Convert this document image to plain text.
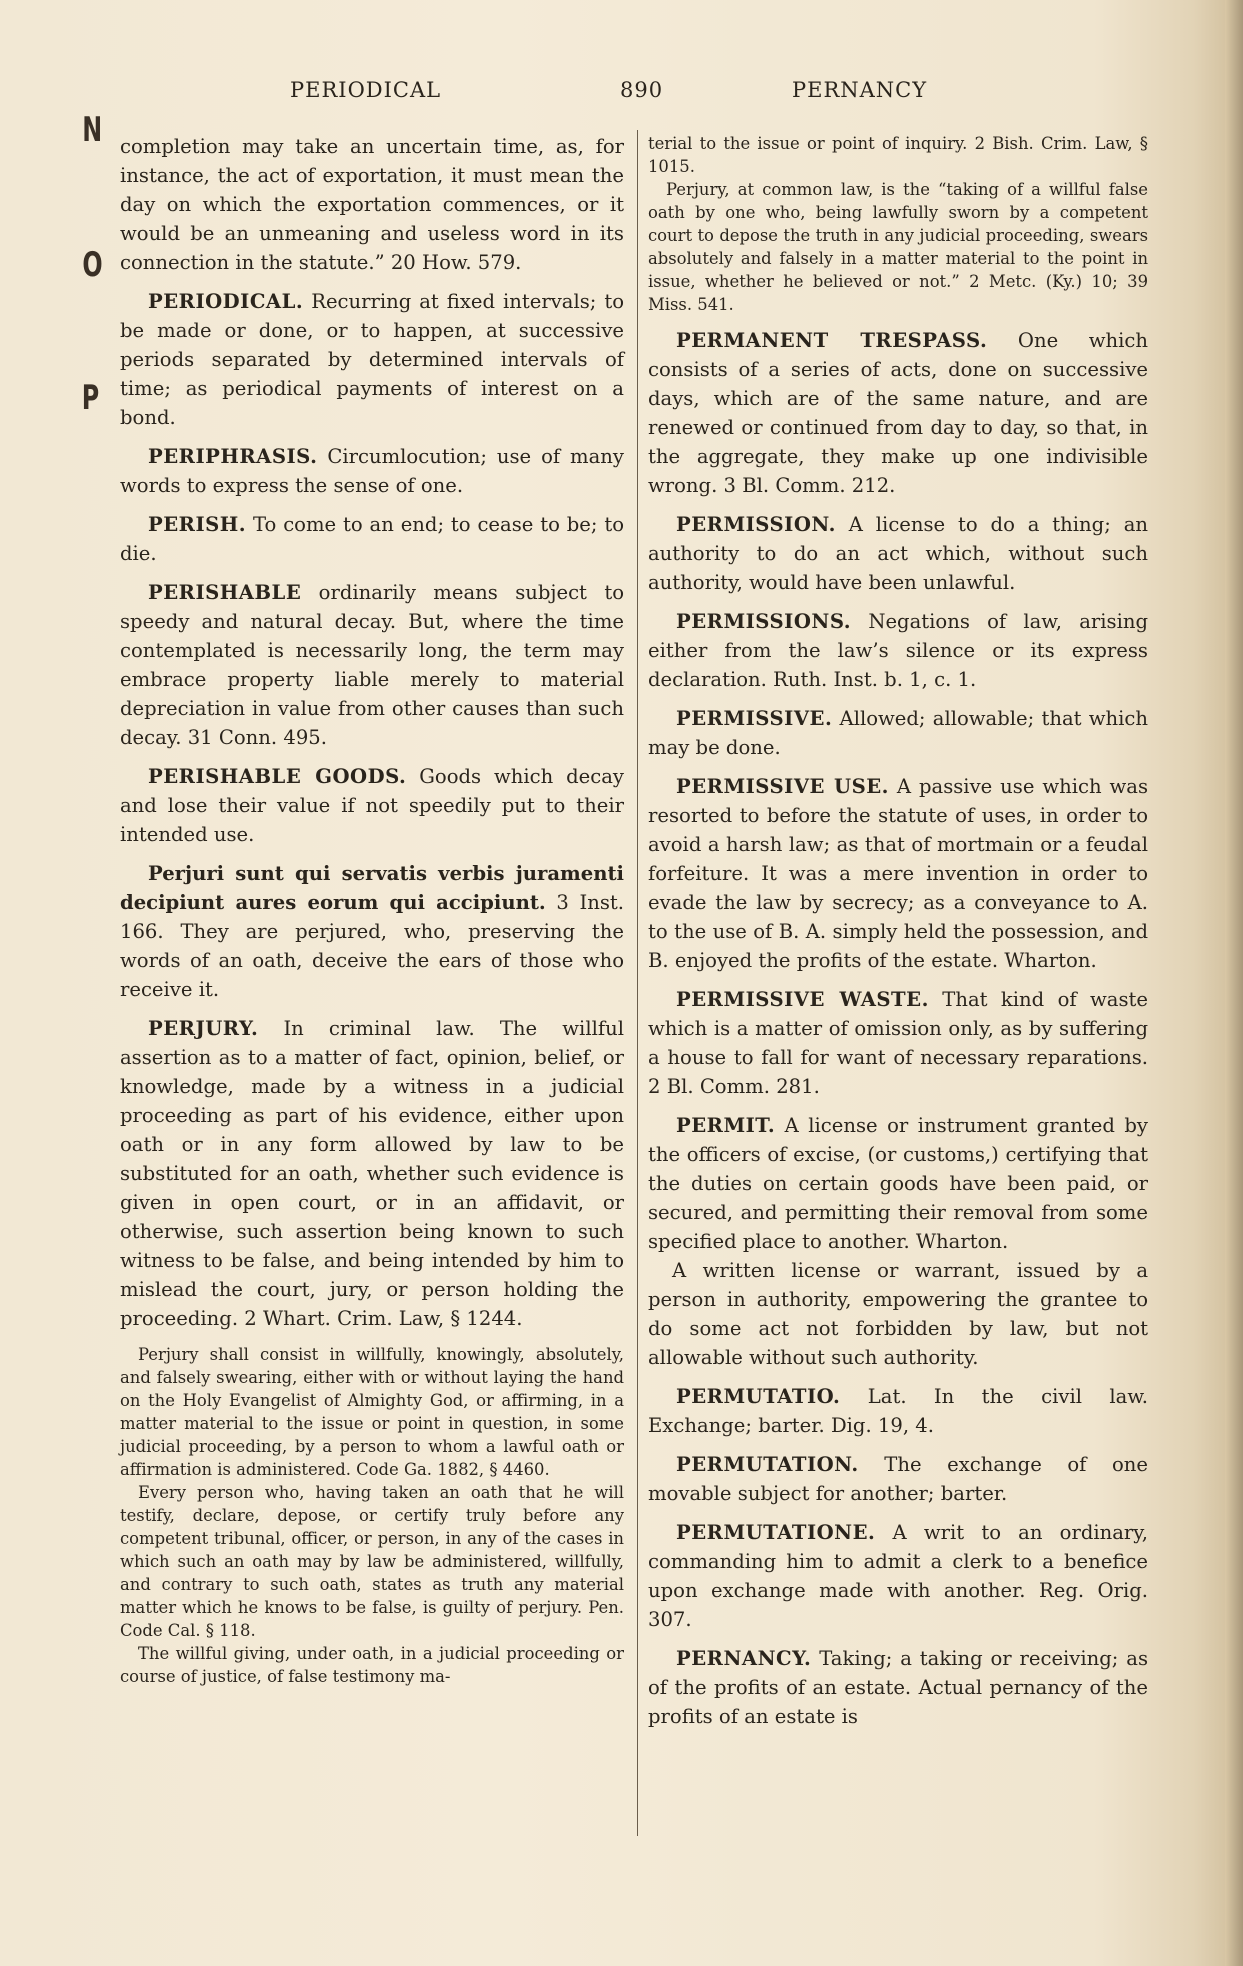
PERIODICAL	890	PERNANCY
N
O
P

completion may take an uncertain time, as, for instance, the act of exportation, it must mean the day on which the exportation commences, or it would be an unmeaning and useless word in its connection in the statute.” 20 How. 579.

PERIODICAL. Recurring at fixed intervals; to be made or done, or to happen, at successive periods separated by determined intervals of time; as periodical payments of interest on a bond.

PERIPHRASIS. Circumlocution; use of many words to express the sense of one.

PERISH. To come to an end; to cease to be; to die.

PERISHABLE ordinarily means subject to speedy and natural decay. But, where the time contemplated is necessarily long, the term may embrace property liable merely to material depreciation in value from other causes than such decay. 31 Conn. 495.

PERISHABLE GOODS. Goods which decay and lose their value if not speedily put to their intended use.

Perjuri sunt qui servatis verbis juramenti decipiunt aures eorum qui accipiunt. 3 Inst. 166. They are perjured, who, preserving the words of an oath, deceive the ears of those who receive it.

PERJURY. In criminal law. The willful assertion as to a matter of fact, opinion, belief, or knowledge, made by a witness in a judicial proceeding as part of his evidence, either upon oath or in any form allowed by law to be substituted for an oath, whether such evidence is given in open court, or in an affidavit, or otherwise, such assertion being known to such witness to be false, and being intended by him to mislead the court, jury, or person holding the proceeding. 2 Whart. Crim. Law, § 1244.

Perjury shall consist in willfully, knowingly, absolutely, and falsely swearing, either with or without laying the hand on the Holy Evangelist of Almighty God, or affirming, in a matter material to the issue or point in question, in some judicial proceeding, by a person to whom a lawful oath or affirmation is administered. Code Ga. 1882, § 4460.

Every person who, having taken an oath that he will testify, declare, depose, or certify truly before any competent tribunal, officer, or person, in any of the cases in which such an oath may by law be administered, willfully, and contrary to such oath, states as truth any material matter which he knows to be false, is guilty of perjury. Pen. Code Cal. § 118.

The willful giving, under oath, in a judicial proceeding or course of justice, of false testimony ma-

terial to the issue or point of inquiry. 2 Bish. Crim. Law, § 1015.

Perjury, at common law, is the “taking of a willful false oath by one who, being lawfully sworn by a competent court to depose the truth in any judicial proceeding, swears absolutely and falsely in a matter material to the point in issue, whether he believed or not.” 2 Metc. (Ky.) 10; 39 Miss. 541.

PERMANENT TRESPASS. One which consists of a series of acts, done on successive days, which are of the same nature, and are renewed or continued from day to day, so that, in the aggregate, they make up one indivisible wrong. 3 Bl. Comm. 212.

PERMISSION. A license to do a thing; an authority to do an act which, without such authority, would have been unlawful.

PERMISSIONS. Negations of law, arising either from the law’s silence or its express declaration. Ruth. Inst. b. 1, c. 1.

PERMISSIVE. Allowed; allowable; that which may be done.

PERMISSIVE USE. A passive use which was resorted to before the statute of uses, in order to avoid a harsh law; as that of mortmain or a feudal forfeiture. It was a mere invention in order to evade the law by secrecy; as a conveyance to A. to the use of B. A. simply held the possession, and B. enjoyed the profits of the estate. Wharton.

PERMISSIVE WASTE. That kind of waste which is a matter of omission only, as by suffering a house to fall for want of necessary reparations. 2 Bl. Comm. 281.

PERMIT. A license or instrument granted by the officers of excise, (or customs,) certifying that the duties on certain goods have been paid, or secured, and permitting their removal from some specified place to another. Wharton.

A written license or warrant, issued by a person in authority, empowering the grantee to do some act not forbidden by law, but not allowable without such authority.

PERMUTATIO. Lat. In the civil law. Exchange; barter. Dig. 19, 4.

PERMUTATION. The exchange of one movable subject for another; barter.

PERMUTATIONE. A writ to an ordinary, commanding him to admit a clerk to a benefice upon exchange made with another. Reg. Orig. 307.

PERNANCY. Taking; a taking or receiving; as of the profits of an estate. Actual pernancy of the profits of an estate is
